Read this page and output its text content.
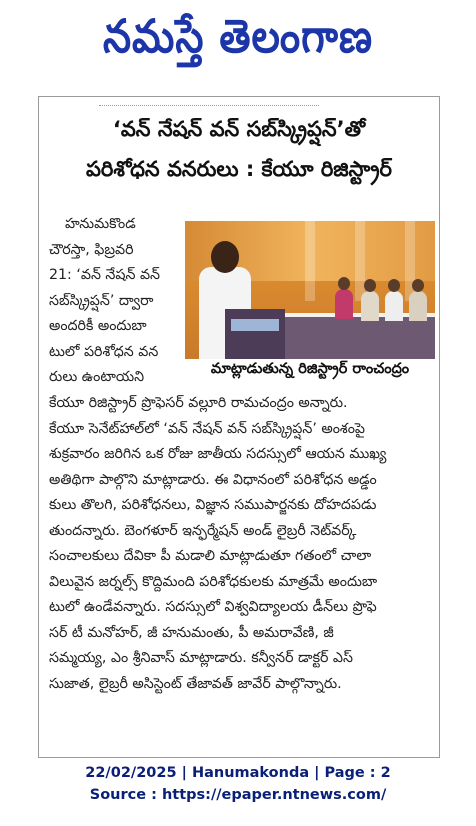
నమస్తే తెలంగాణ
‘వన్ నేషన్ వన్ సబ్‌స్క్రిప్షన్’తో
పరిశోధన వనరులు : కేయూ రిజిస్ట్రార్
హనుమకొండ
చౌరస్తా, ఫిబ్రవరి
21: ‘వన్ నేషన్ వన్
సబ్‌స్క్రిప్షన్’ ద్వారా
అందరికీ అందుబా
టులో పరిశోధన వన
రులు ఉంటాయని	మాట్లాడుతున్న రిజిస్ట్రార్ రాంచంద్రం
కేయూ రిజిస్ట్రార్ ప్రొఫెసర్ వల్లూరి రామచంద్రం అన్నారు.
కేయూ సెనేట్‌హాల్‌లో ‘వన్ నేషన్ వన్ సబ్‌స్క్రిప్షన్’ అంశంపై
శుక్రవారం జరిగిన ఒక రోజు జాతీయ సదస్సులో ఆయన ముఖ్య
అతిథిగా పాల్గొని మాట్లాడారు. ఈ విధానంలో పరిశోధన అడ్డం
కులు తొలగి, పరిశోధనలు, విజ్ఞాన సముపార్జనకు దోహదపడు
తుందన్నారు. బెంగళూర్ ఇన్ఫర్మేషన్ అండ్ లైబ్రరీ నెట్‌వర్క్
సంచాలకులు దేవికా పీ మడాలి మాట్లాడుతూ గతంలో చాలా
విలువైన జర్నల్స్ కొద్దిమంది పరిశోధకులకు మాత్రమే అందుబా
టులో ఉండేవన్నారు. సదస్సులో విశ్వవిద్యాలయ డీన్‌లు ప్రొఫె
సర్ టీ మనోహర్, జీ హనుమంతు, పీ అమరావేణి, జీ
సమ్మయ్య, ఎం శ్రీనివాస్ మాట్లాడారు. కన్వీనర్ డాక్టర్ ఎస్
సుజాత, లైబ్రరీ అసిస్టెంట్ తేజావత్ జావేర్ పాల్గొన్నారు.
22/02/2025 | Hanumakonda | Page : 2
Source : https://epaper.ntnews.com/
